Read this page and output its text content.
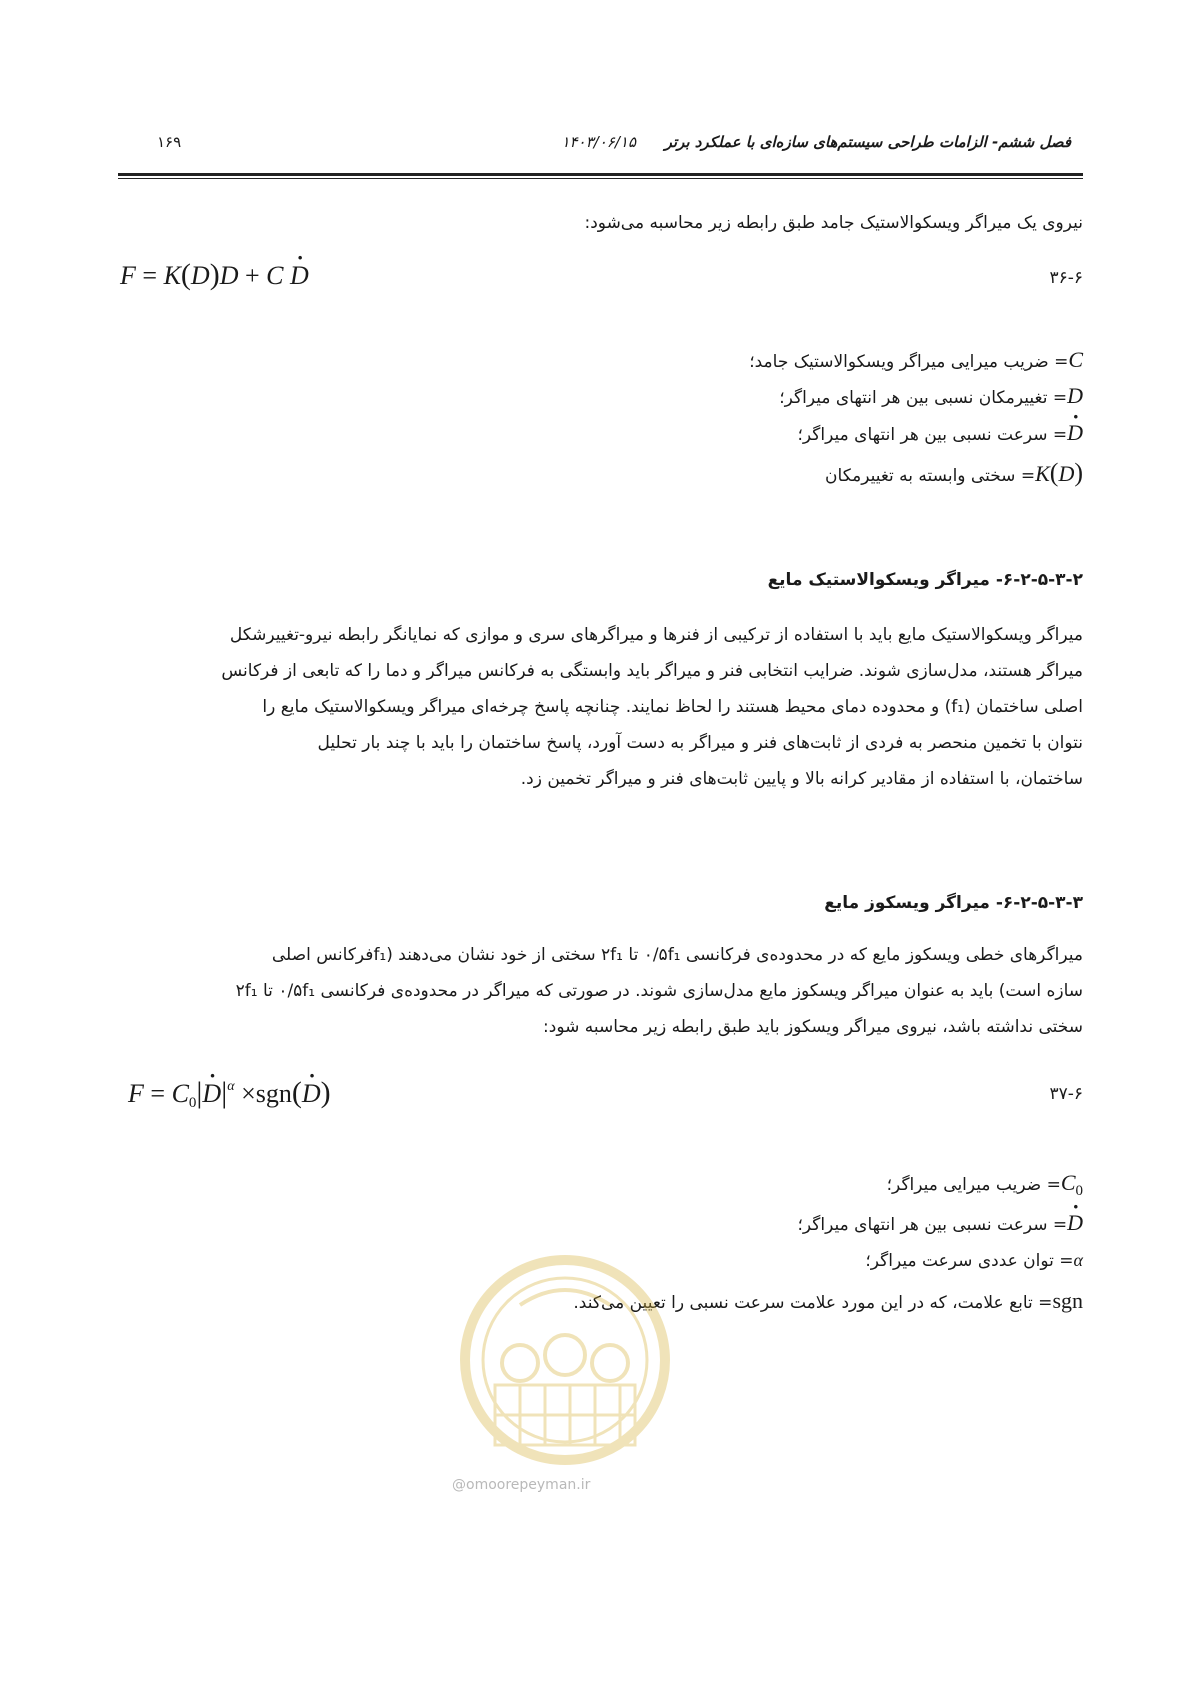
فصل ششم- الزامات طراحی سیستم‌های سازه‌ای با عملکرد برتر
۱۴۰۳/۰۶/۱۵
۱۶۹
نیروی یک میراگر ویسکوالاستیک جامد طبق رابطه زیر محاسبه می‌شود:
F = K(D)D + C D ·	۳۶-۶
C= ضریب میرایی میراگر ویسکوالاستیک جامد؛
D= تغییرمکان نسبی بین هر انتهای میراگر؛
D ·= سرعت نسبی بین هر انتهای میراگر؛
K(D)= سختی وابسته به تغییرمکان
۶-۲-۵-۳-۲- میراگر ویسکوالاستیک مایع
میراگر ویسکوالاستیک مایع باید با استفاده از ترکیبی از فنرها و میراگرهای سری و موازی که نمایانگر رابطه نیرو-تغییرشکل
میراگر هستند، مدل‌سازی شوند. ضرایب انتخابی فنر و میراگر باید وابستگی به فرکانس میراگر و دما را که تابعی از فرکانس
اصلی ساختمان (f₁) و محدوده دمای محیط هستند را لحاظ نمایند. چنانچه پاسخ چرخه‌ای میراگر ویسکوالاستیک مایع را
نتوان با تخمین منحصر به فردی از ثابت‌های فنر و میراگر به دست آورد، پاسخ ساختمان را باید با چند بار تحلیل
ساختمان، با استفاده از مقادیر کرانه بالا و پایین ثابت‌های فنر و میراگر تخمین زد.
۶-۲-۵-۳-۳- میراگر ویسکوز مایع
میراگرهای خطی ویسکوز مایع که در محدوده‌ی فرکانسی ۰/۵f₁ تا ۲f₁ سختی از خود نشان می‌دهند (f₁فرکانس اصلی
سازه است) باید به عنوان میراگر ویسکوز مایع مدل‌سازی شوند. در صورتی که میراگر در محدوده‌ی فرکانسی ۰/۵f₁ تا ۲f₁
سختی نداشته باشد، نیروی میراگر ویسکوز باید طبق رابطه زیر محاسبه شود:
$F = C_0|D \cdot|^\alpha \times sgn(D$ ·)	۳۷-۶
$C_0=$ ضریب میرایی میراگر؛
D ·= سرعت نسبی بین هر انتهای میراگر؛
α= توان عددی سرعت میراگر؛
sgn= تابع علامت، که در این مورد علامت سرعت نسبی را تعیین می‌کند.
@omoorepeyman.ir
